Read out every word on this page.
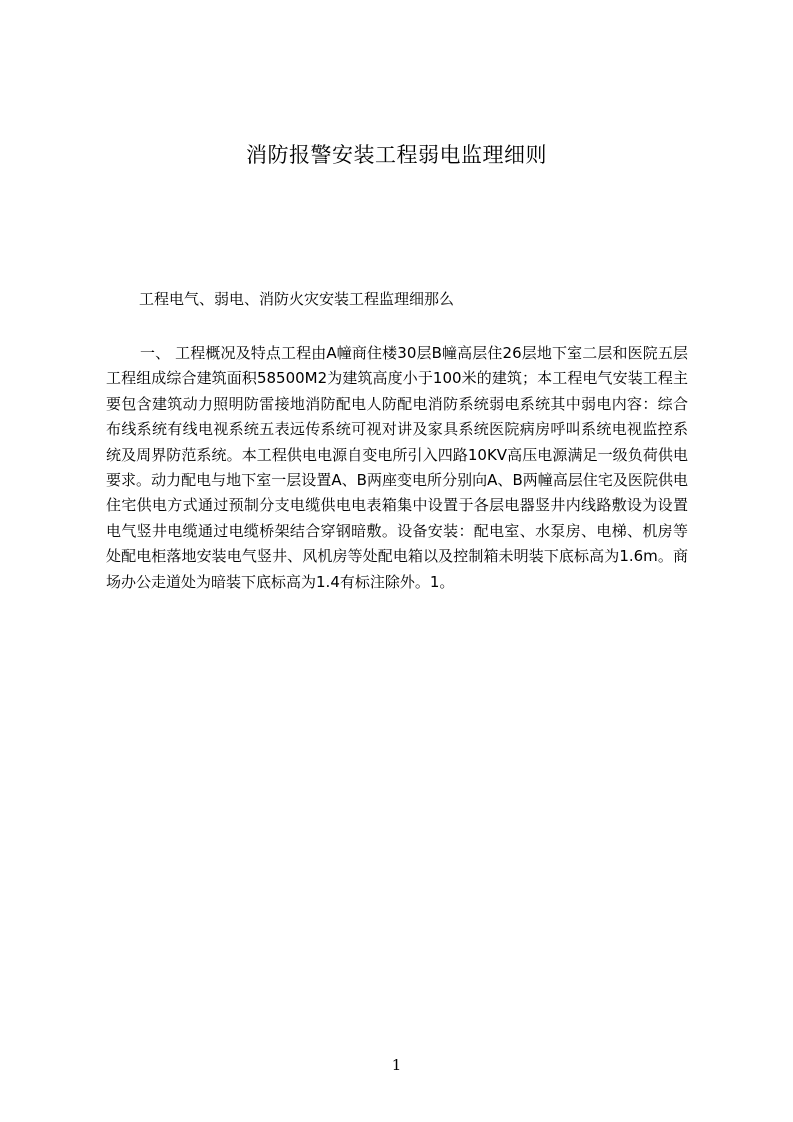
消防报警安装工程弱电监理细则

工程电气、弱电、消防火灾安装工程监理细那么

一、 工程概况及特点工程由A幢商住楼30层B幢高层住26层地下室二层和医院五层工程组成综合建筑面积58500M2为建筑高度小于100米的建筑；本工程电气安装工程主要包含建筑动力照明防雷接地消防配电人防配电消防系统弱电系统其中弱电内容：综合布线系统有线电视系统五表远传系统可视对讲及家具系统医院病房呼叫系统电视监控系统及周界防范系统。本工程供电电源自变电所引入四路10KV高压电源满足一级负荷供电要求。动力配电与地下室一层设置A、B两座变电所分别向A、B两幢高层住宅及医院供电住宅供电方式通过预制分支电缆供电电表箱集中设置于各层电器竖井内线路敷设为设置电气竖井电缆通过电缆桥架结合穿钢暗敷。设备安装：配电室、水泵房、电梯、机房等处配电柜落地安装电气竖井、风机房等处配电箱以及控制箱未明装下底标高为1.6m。商场办公走道处为暗装下底标高为1.4有标注除外。1。

1
